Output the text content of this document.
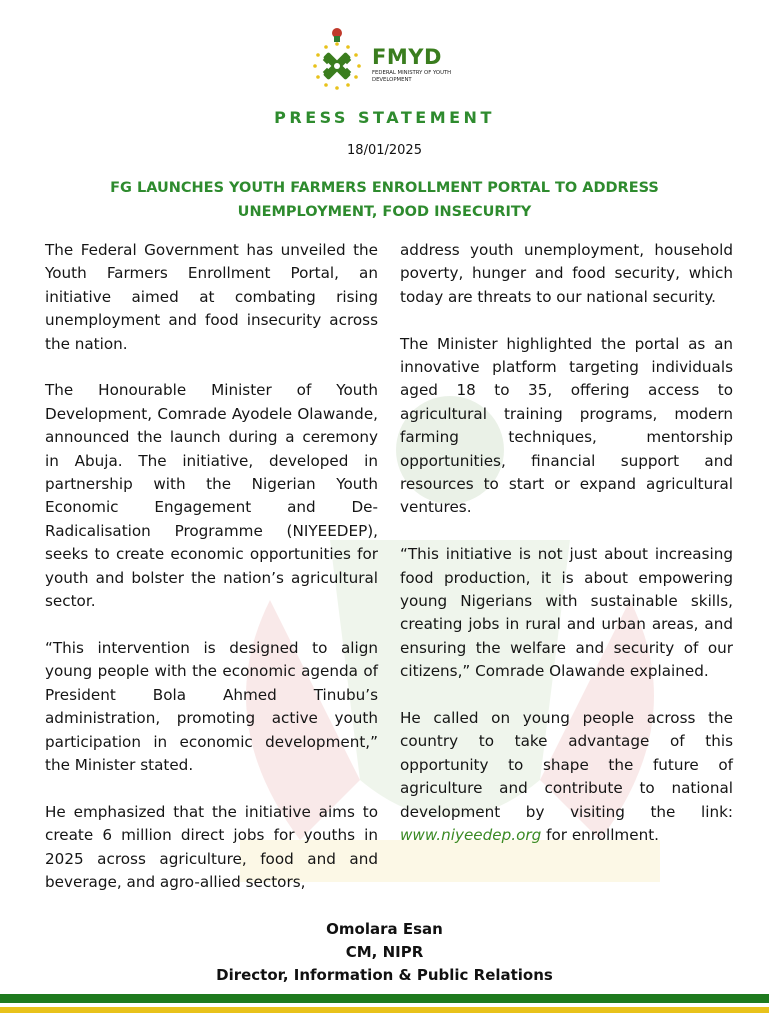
FMYD
FEDERAL MINISTRY OF YOUTH DEVELOPMENT
PRESS STATEMENT
18/01/2025
FG LAUNCHES YOUTH FARMERS ENROLLMENT PORTAL TO ADDRESS UNEMPLOYMENT, FOOD INSECURITY

The Federal Government has unveiled the Youth Farmers Enrollment Portal, an initiative aimed at combating rising unemployment and food insecurity across the nation.

The Honourable Minister of Youth Development, Comrade Ayodele Olawande, announced the launch during a ceremony in Abuja. The initiative, developed in partnership with the Nigerian Youth Economic Engagement and De-Radicalisation Programme (NIYEEDEP), seeks to create economic opportunities for youth and bolster the nation’s agricultural sector.

“This intervention is designed to align young people with the economic agenda of President Bola Ahmed Tinubu’s administration, promoting active youth participation in economic development,” the Minister stated.

He emphasized that the initiative aims to create 6 million direct jobs for youths in 2025 across agriculture, food and and beverage, and agro-allied sectors,

address youth unemployment, household poverty, hunger and food security, which today are threats to our national security.

The Minister highlighted the portal as an innovative platform targeting individuals aged 18 to 35, offering access to agricultural training programs, modern farming techniques, mentorship opportunities, financial support and resources to start or expand agricultural ventures.

“This initiative is not just about increasing food production, it is about empowering young Nigerians with sustainable skills, creating jobs in rural and urban areas, and ensuring the welfare and security of our citizens,” Comrade Olawande explained.

He called on young people across the country to take advantage of this opportunity to shape the future of agriculture and contribute to national development by visiting the link: www.niyeedep.org for enrollment.

Omolara Esan
CM, NIPR
Director, Information & Public Relations
